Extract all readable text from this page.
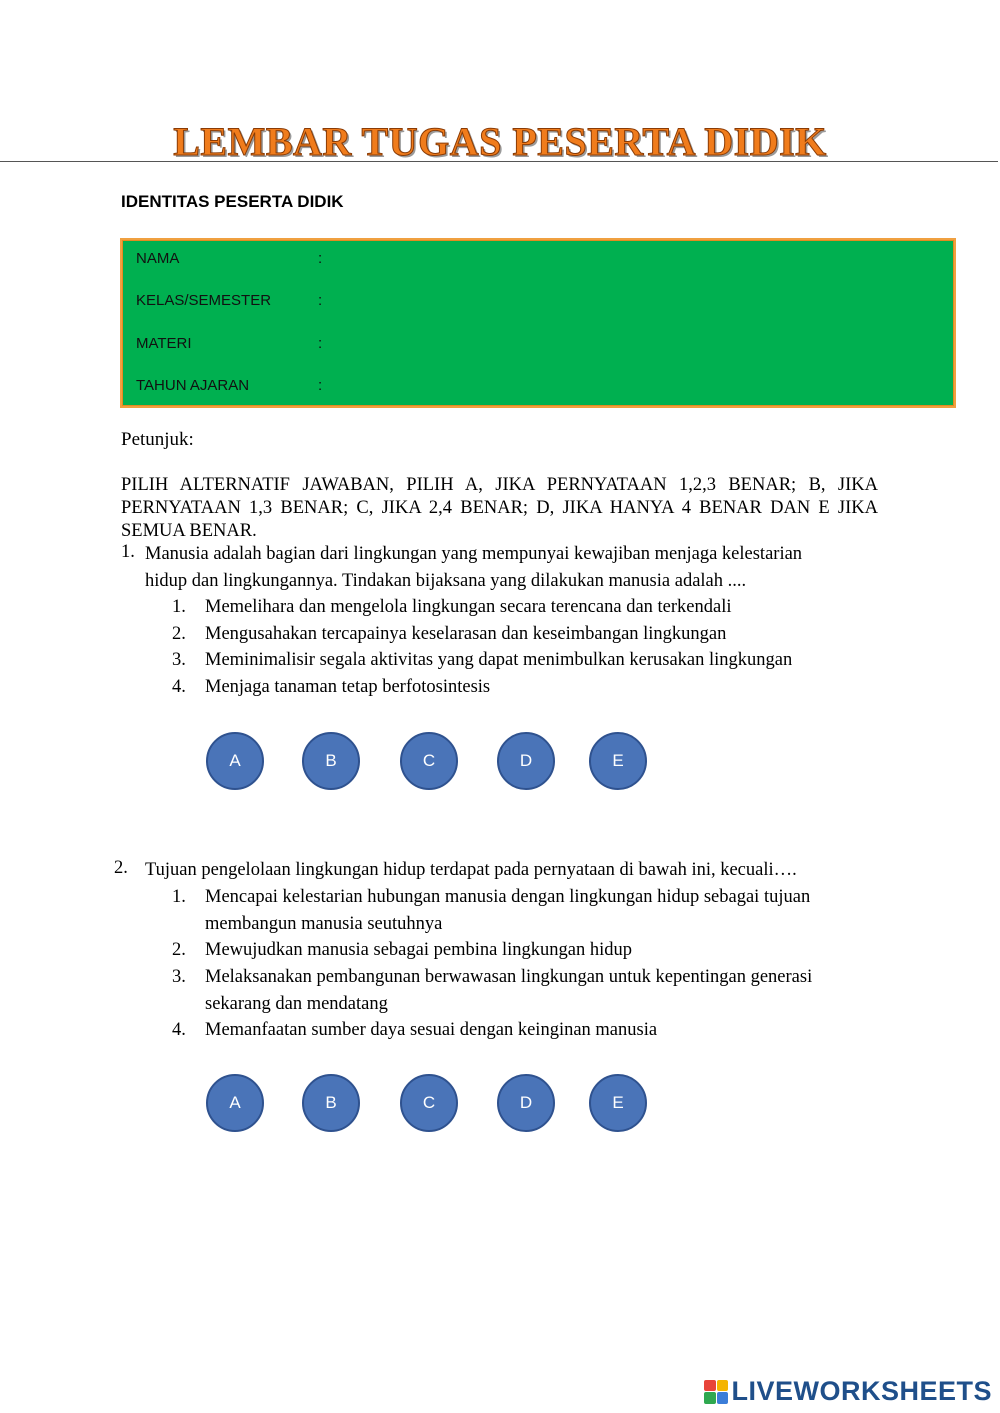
LEMBAR TUGAS PESERTA DIDIK
IDENTITAS PESERTA DIDIK
NAMA	:
KELAS/SEMESTER	:
MATERI	:
TAHUN AJARAN	:
Petunjuk:
PILIH ALTERNATIF JAWABAN, PILIH A, JIKA PERNYATAAN 1,2,3 BENAR; B, JIKA PERNYATAAN 1,3 BENAR; C, JIKA 2,4 BENAR; D, JIKA HANYA 4 BENAR DAN E JIKA SEMUA BENAR.
1. Manusia adalah bagian dari lingkungan yang mempunyai kewajiban menjaga kelestarian
hidup dan lingkungannya. Tindakan bijaksana yang dilakukan manusia adalah ....
1. Memelihara dan mengelola lingkungan secara terencana dan terkendali
2. Mengusahakan tercapainya keselarasan dan keseimbangan lingkungan
3. Meminimalisir segala aktivitas yang dapat menimbulkan kerusakan lingkungan
4. Menjaga tanaman tetap berfotosintesis
A	B	C	D	E
2. Tujuan pengelolaan lingkungan hidup terdapat pada pernyataan di bawah ini, kecuali….
1. Mencapai kelestarian hubungan manusia dengan lingkungan hidup sebagai tujuan membangun manusia seutuhnya
2. Mewujudkan manusia sebagai pembina lingkungan hidup
3. Melaksanakan pembangunan berwawasan lingkungan untuk kepentingan generasi sekarang dan mendatang
4. Memanfaatan sumber daya sesuai dengan keinginan manusia
A	B	C	D	E
LIVEWORKSHEETS
